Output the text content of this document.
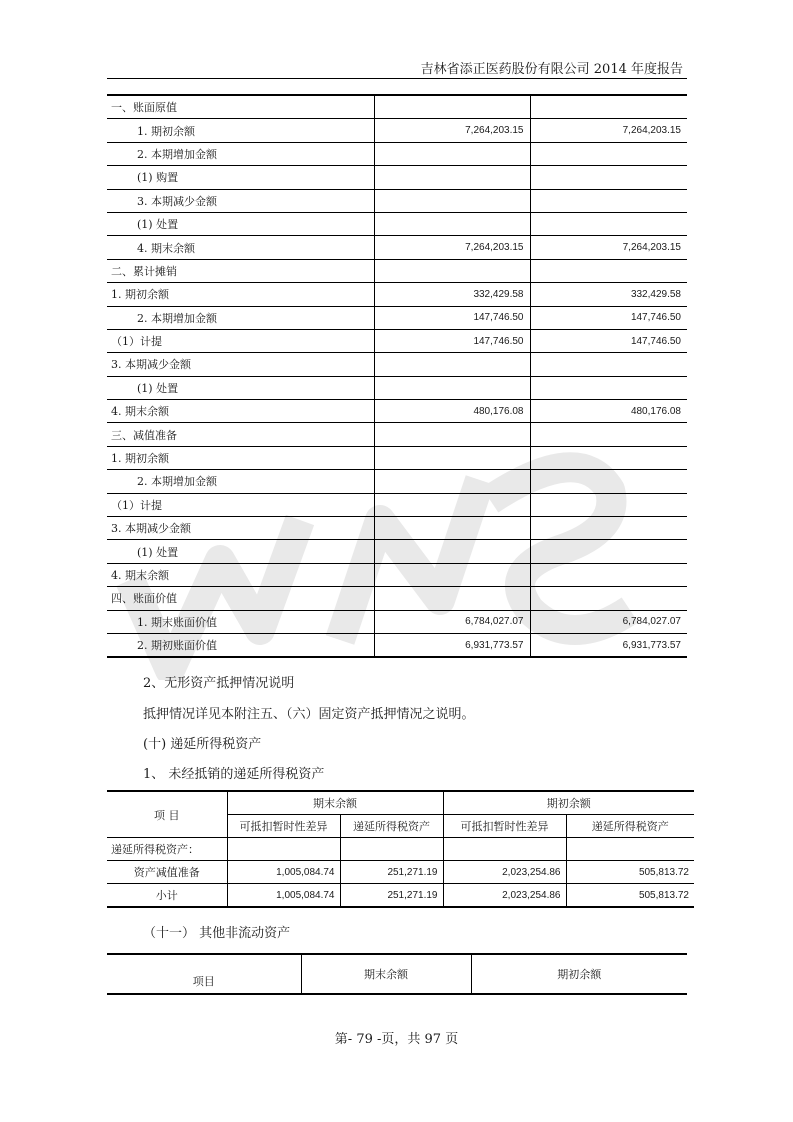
吉林省添正医药股份有限公司 2014 年度报告
一、账面原值		
1. 期初余额	7,264,203.15	7,264,203.15
2. 本期增加金额		
(1) 购置		
3. 本期减少金额		
(1) 处置		
4. 期末余额	7,264,203.15	7,264,203.15
二、累计摊销		
1. 期初余额	332,429.58	332,429.58
2. 本期增加金额	147,746.50	147,746.50
（1）计提	147,746.50	147,746.50
3. 本期减少金额		
(1) 处置		
4. 期末余额	480,176.08	480,176.08
三、减值准备		
1. 期初余额		
2. 本期增加金额		
（1）计提		
3. 本期减少金额		
(1) 处置		
4. 期末余额		
四、账面价值		
1. 期末账面价值	6,784,027.07	6,784,027.07
2. 期初账面价值	6,931,773.57	6,931,773.57
2、无形资产抵押情况说明
抵押情况详见本附注五、（六）固定资产抵押情况之说明。
(十) 递延所得税资产
1、 未经抵销的递延所得税资产
项 目	期末余额		期初余额	
	可抵扣暂时性差异	递延所得税资产	可抵扣暂时性差异	递延所得税资产
递延所得税资产：				
资产减值准备	1,005,084.74	251,271.19	2,023,254.86	505,813.72
小计	1,005,084.74	251,271.19	2,023,254.86	505,813.72
（十一） 其他非流动资产
项目	期末余额	期初余额
第- 79 -页，共 97 页
